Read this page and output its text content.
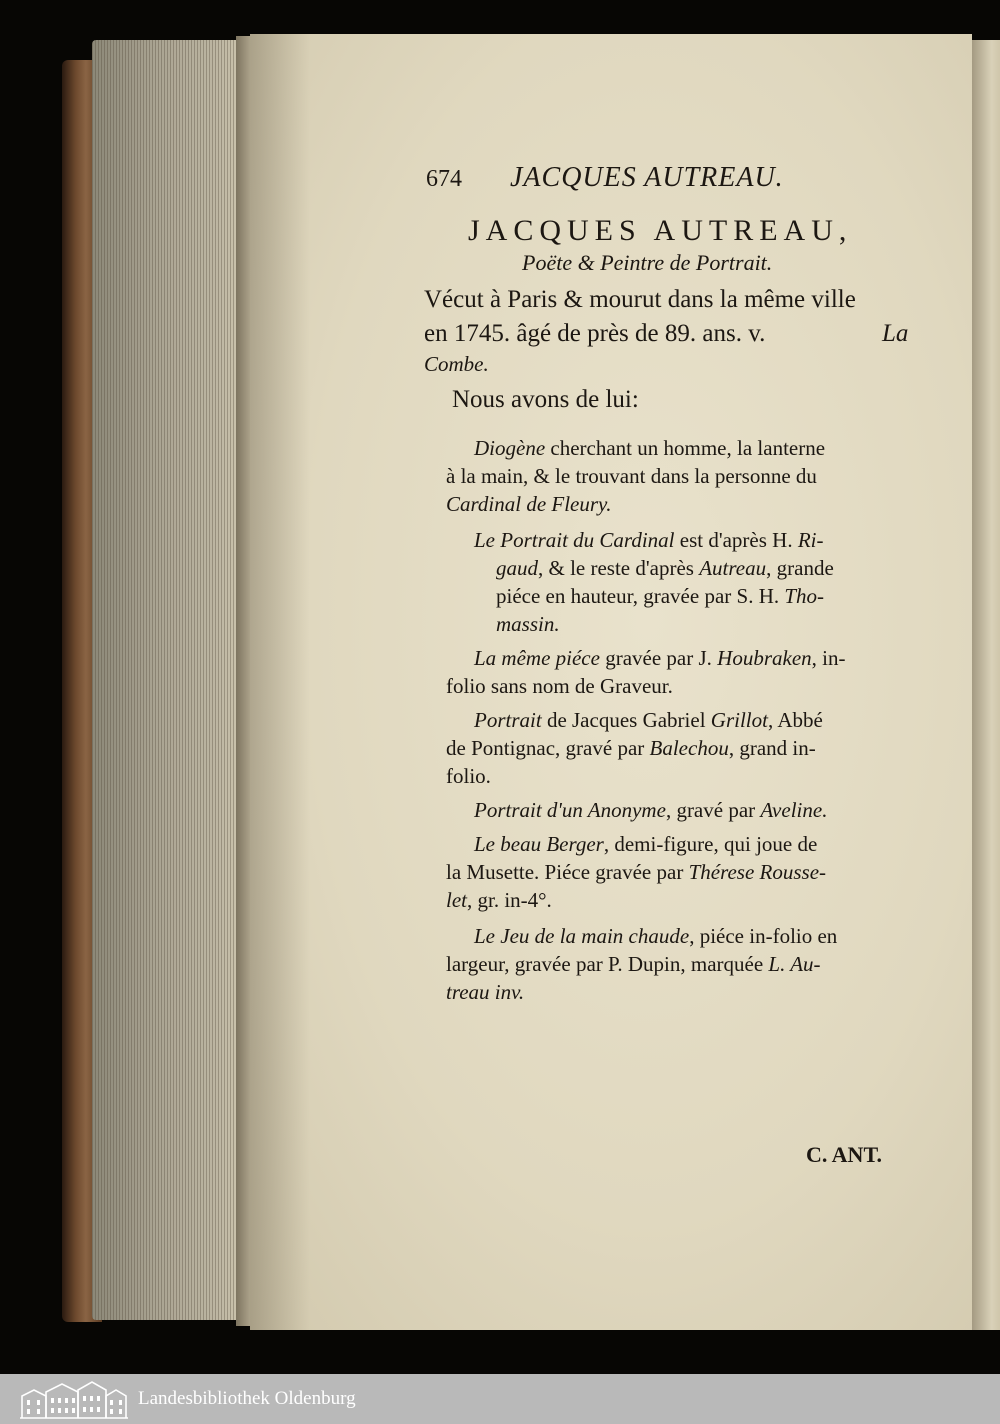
674 JACQUES AUTREAU.
JACQUES AUTREAU,
Poëte & Peintre de Portrait.
Vécut à Paris & mourut dans la même ville
en 1745. âgé de près de 89. ans. v.	La
Combe.
Nous avons de lui:
Diogène cherchant un homme, la lanterne
à la main, & le trouvant dans la personne du
Cardinal de Fleury.
Le Portrait du Cardinal est d'après H. Ri-
gaud, & le reste d'après Autreau, grande
piéce en hauteur, gravée par S. H. Tho-
massin.
La même piéce gravée par J. Houbraken, in-
folio sans nom de Graveur.
Portrait de Jacques Gabriel Grillot, Abbé
de Pontignac, gravé par Balechou, grand in-
folio.
Portrait d'un Anonyme, gravé par Aveline.
Le beau Berger, demi-figure, qui joue de
la Musette. Piéce gravée par Thérese Rousse-
let, gr. in-4°.
Le Jeu de la main chaude, piéce in-folio en
largeur, gravée par P. Dupin, marquée L. Au-
treau inv.
C. ANT.
Landesbibliothek Oldenburg
